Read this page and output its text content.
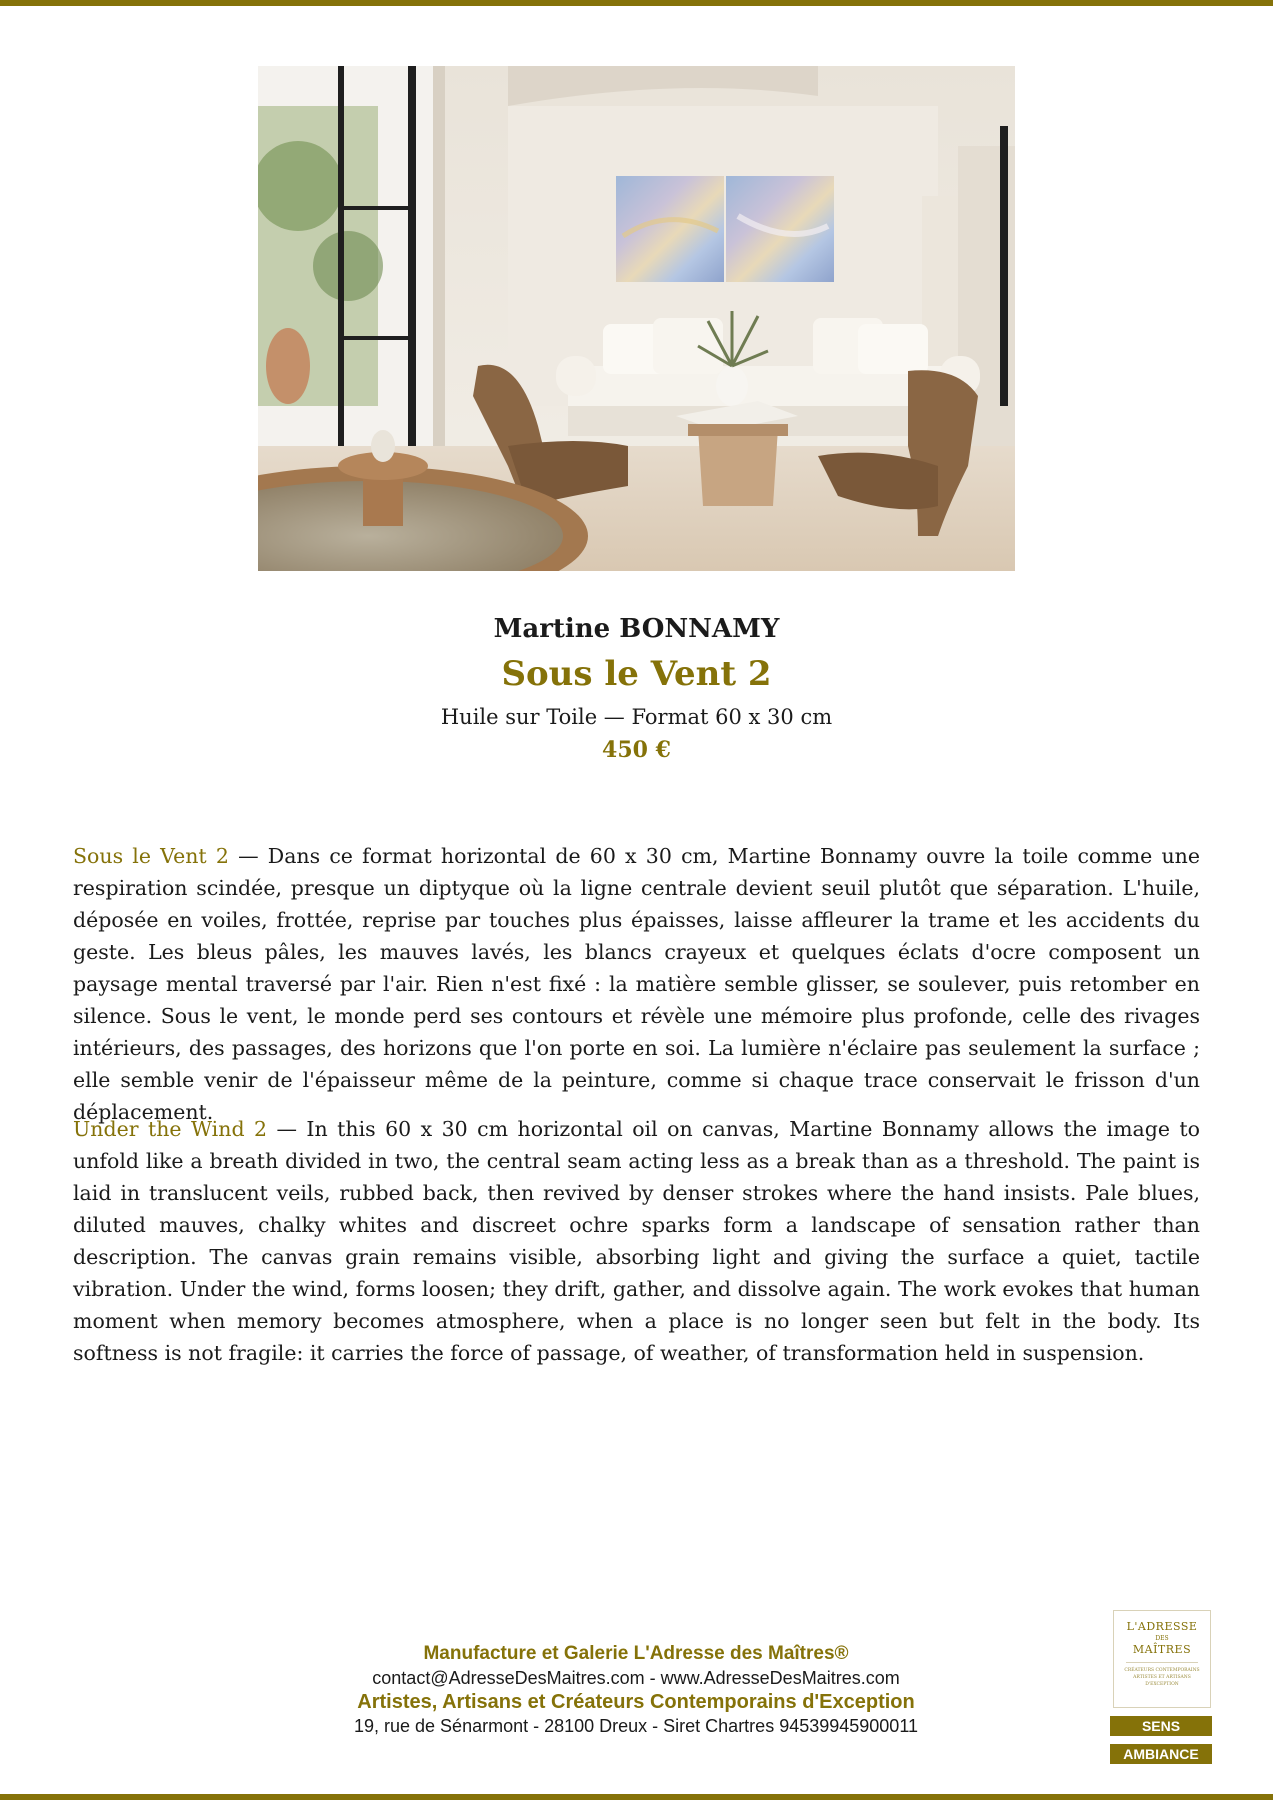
Martine BONNAMY
Sous le Vent 2
Huile sur Toile — Format 60 x 30 cm
450 €

Sous le Vent 2 — Dans ce format horizontal de 60 x 30 cm, Martine Bonnamy ouvre la toile comme une respiration scindée, presque un diptyque où la ligne centrale devient seuil plutôt que séparation. L'huile, déposée en voiles, frottée, reprise par touches plus épaisses, laisse affleurer la trame et les accidents du geste. Les bleus pâles, les mauves lavés, les blancs crayeux et quelques éclats d'ocre composent un paysage mental traversé par l'air. Rien n'est fixé : la matière semble glisser, se soulever, puis retomber en silence. Sous le vent, le monde perd ses contours et révèle une mémoire plus profonde, celle des rivages intérieurs, des passages, des horizons que l'on porte en soi. La lumière n'éclaire pas seulement la surface ; elle semble venir de l'épaisseur même de la peinture, comme si chaque trace conservait le frisson d'un déplacement.

Under the Wind 2 — In this 60 x 30 cm horizontal oil on canvas, Martine Bonnamy allows the image to unfold like a breath divided in two, the central seam acting less as a break than as a threshold. The paint is laid in translucent veils, rubbed back, then revived by denser strokes where the hand insists. Pale blues, diluted mauves, chalky whites and discreet ochre sparks form a landscape of sensation rather than description. The canvas grain remains visible, absorbing light and giving the surface a quiet, tactile vibration. Under the wind, forms loosen; they drift, gather, and dissolve again. The work evokes that human moment when memory becomes atmosphere, when a place is no longer seen but felt in the body. Its softness is not fragile: it carries the force of passage, of weather, of transformation held in suspension.

Manufacture et Galerie L'Adresse des Maîtres®
contact@AdresseDesMaitres.com - www.AdresseDesMaitres.com
Artistes, Artisans et Créateurs Contemporains d'Exception
19, rue de Sénarmont - 28100 Dreux - Siret Chartres 94539945900011
L'ADRESSE
DES
MAÎTRES
CRÉATEURS CONTEMPORAINS ARTISTES ET ARTISANS D'EXCEPTION
SENS
AMBIANCE
